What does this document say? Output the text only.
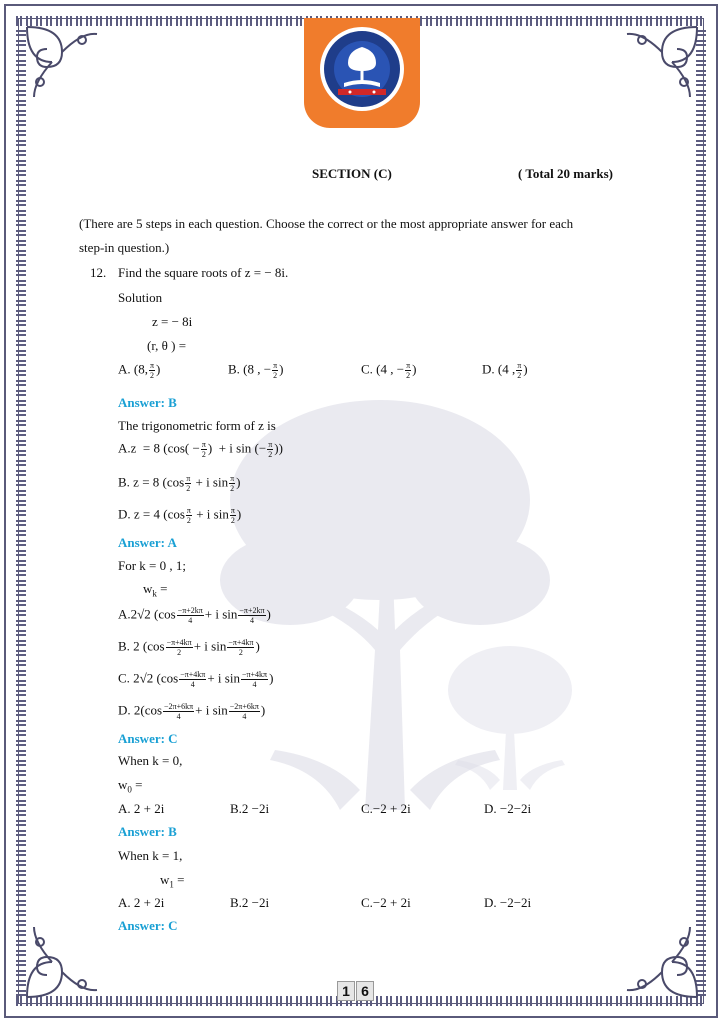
SECTION (C)	( Total 20 marks)
(There are 5 steps in each question. Choose the correct or the most appropriate answer for each
step-in question.)
12. Find the square roots of z = − 8i.
Solution
z = − 8i
(r, θ ) =
A. (8, $\frac{\pi}{2}$ )	B. (8 , − $\frac{\pi}{2}$ )	C. (4 , − $\frac{\pi}{2}$ )	D. (4 , $\frac{\pi}{2}$ )
Answer: B
The trigonometric form of z is
A.z  = 8 ($\cos( - \frac{\pi}{2}$ )  + i sin (− $\frac{\pi}{2}$ ))
B. z = 8 ($\cos \frac{\pi}{2} + i$ $\sin \frac{\pi}{2}$ )
D. z = 4 ($\cos \frac{\pi}{2} + i$ $\sin \frac{\pi}{2}$ )
Answer: A
For k = 0 , 1;
$w_k$ =
A.2√2 ($\cos \frac{-\pi+2k\pi}{4} + i$ $\sin \frac{-\pi+2k\pi}{4}$ )
B. 2 ($\cos \frac{-\pi+4k\pi}{2} + i$ $\sin \frac{-\pi+4k\pi}{2}$ )
C. 2√2 ($\cos \frac{-\pi+4k\pi}{4} + i$ $\sin \frac{-\pi+4k\pi}{4}$ )
D. $2(\cos \frac{-2\pi+6k\pi}{4} + i$ $\sin \frac{-2\pi+6k\pi}{4}$ )
Answer: C
When k = 0,
$w_0$ =
A. 2 + 2i	B.2 −2i	C.−2 + 2i	D. −2−2i
Answer: B
When k = 1,
$w_1$ =
A. 2 + 2i	B.2 −2i	C.−2 + 2i	D. −2−2i
Answer: C
1 6
